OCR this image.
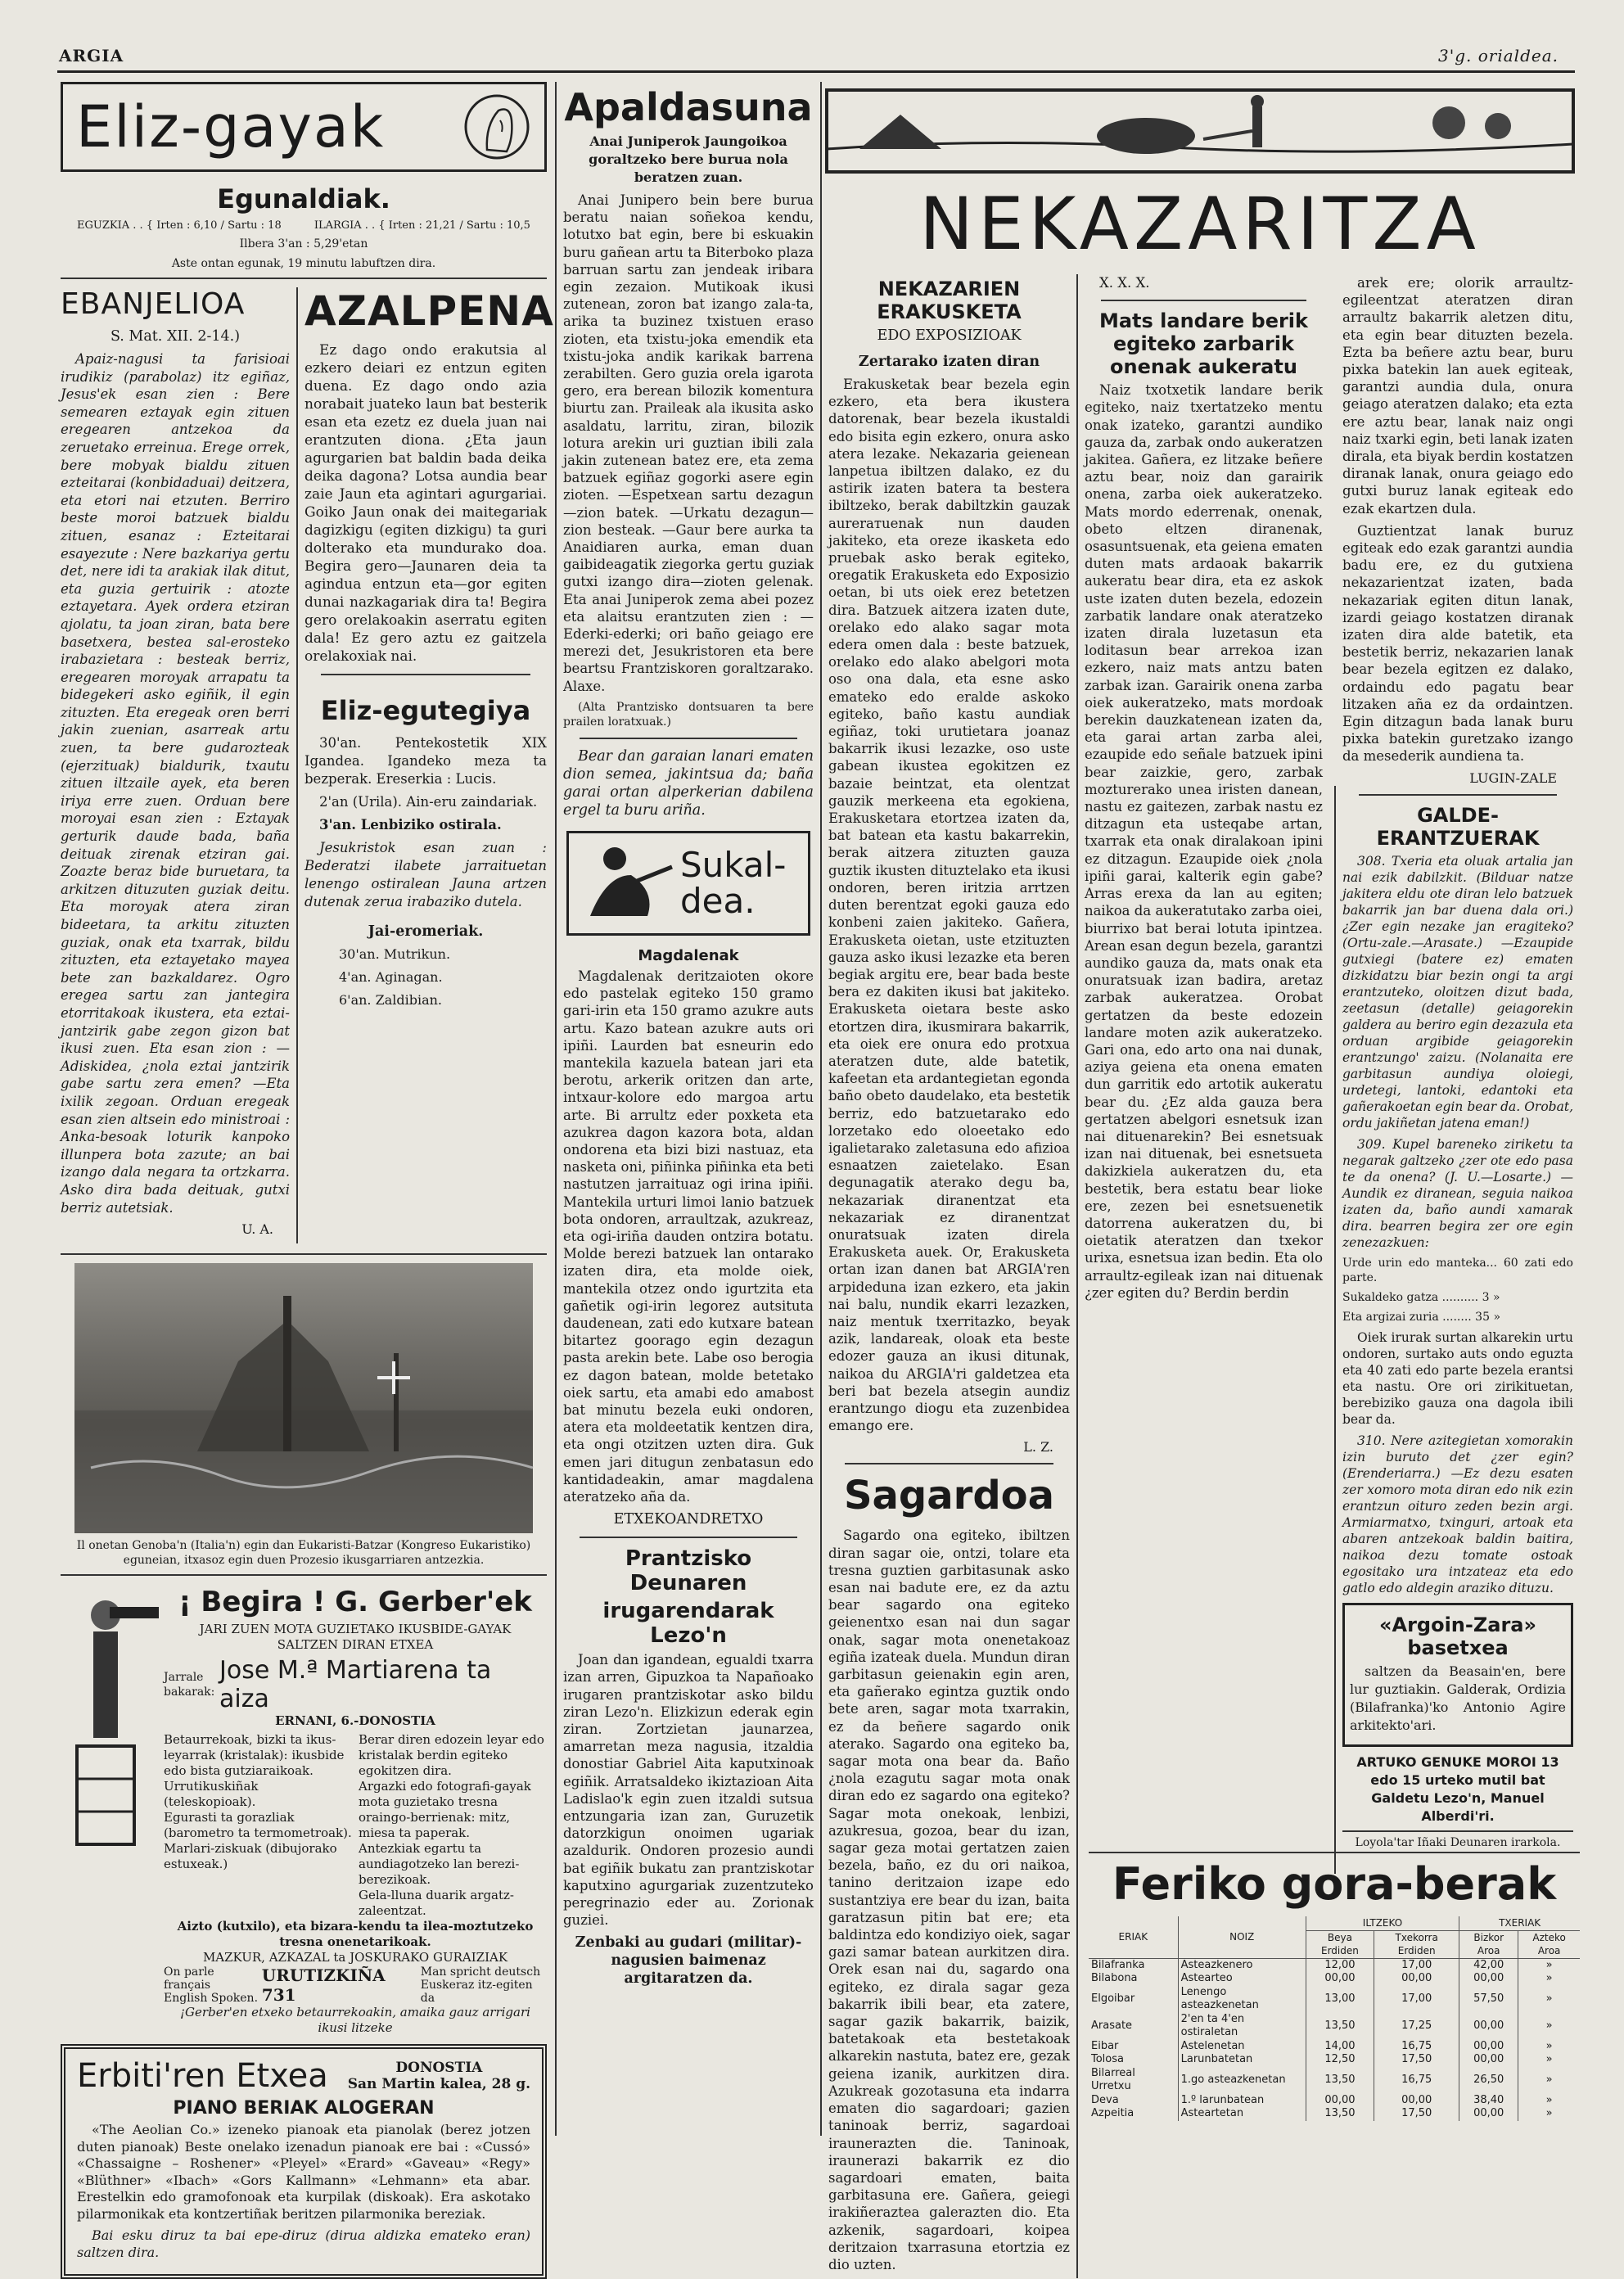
ARGIA	3'g. orialdea.
Eliz-gayak
Egunaldiak.
EGUZKIA . . { Irten : 6,10 / Sartu : 18	ILARGIA . . { Irten : 21,21 / Sartu : 10,5
Ilbera 3'an : 5,29'etan
Aste ontan egunak, 19 minutu labuftzen dira.
EBANJELIOA
S. Mat. XII. 2-14.)
Apaiz-nagusi ta farisioai irudikiz (parabolaz) itz egiñaz, Jesus'ek esan zien : Bere semearen eztayak egin zituen eregearen antzekoa da zeruetako erreinua. Erege orrek, bere mobyak bialdu zituen ezteitarai (konbidaduai) deitzera, eta etori nai etzuten. Berriro beste moroi batzuek bialdu zituen, esanaz : Ezteitarai esayezute : Nere bazkariya gertu det, nere idi ta arakiak ilak ditut, eta guzia gertuirik : atozte eztayetara. Ayek ordera etziran ajolatu, ta joan ziran, bata bere basetxera, bestea sal-erosteko irabazietara : besteak berriz, eregearen moroyak arrapatu ta bidegekeri asko egiñik, il egin zituzten. Eta eregeak oren berri jakin zuenian, asarreak artu zuen, ta bere gudarozteak (ejerzituak) bialdurik, txautu zituen iltzaile ayek, eta beren iriya erre zuen. Orduan bere moroyai esan zien : Eztayak gerturik daude bada, baña deituak zirenak etziran gai. Zoazte beraz bide buruetara, ta arkitzen dituzuten guziak deitu. Eta moroyak atera ziran bideetara, ta arkitu zituzten guziak, onak eta txarrak, bildu zituzten, eta eztayetako mayea bete zan bazkaldarez. Ogro eregea sartu zan jantegira etorritakoak ikustera, eta eztai-jantzirik gabe zegon gizon bat ikusi zuen. Eta esan zion : —Adiskidea, ¿nola eztai jantzirik gabe sartu zera emen? —Eta ixilik zegoan. Orduan eregeak esan zien altsein edo ministroai : Anka-besoak loturik kanpoko illunpera bota zazute; an bai izango dala negara ta ortzkarra. Asko dira bada deituak, gutxi berriz autetsiak.
U. A.
AZALPENA
Ez dago ondo erakutsia al ezkero deiari ez entzun egiten duena. Ez dago ondo azia norabait juateko laun bat besterik esan eta ezetz ez duela juan nai erantzuten diona. ¿Eta jaun agurgarien bat baldin bada deika deika dagona? Lotsa aundia bear zaie Jaun eta agintari agurgariai. Goiko Jaun onak dei maitegariak dagizkigu (egiten dizkigu) ta guri dolterako eta mundurako doa. Begira gero—Jaunaren deia ta agindua entzun eta—gor egiten dunai nazkagariak dira ta! Begira gero orelakoakin aserratu egiten dala! Ez gero aztu ez gaitzela orelakoxiak nai.
Eliz-egutegiya
30'an. Pentekostetik XIX Igandea. Igandeko meza ta bezperak. Ereserkia : Lucis.
2'an (Urila). Ain-eru zaindariak.
3'an. Lenbiziko ostirala.
Jesukristok esan zuan : Bederatzi ilabete jarraituetan lenengo ostiralean Jauna artzen dutenak zerua irabaziko dutela.
Jai-eromeriak.
30'an. Mutrikun.
4'an. Aginagan.
6'an. Zaldibian.
Il onetan Genoba'n (Italia'n) egin dan Eukaristi-Batzar (Kongreso Eukaristiko) eguneian, itxasoz egin duen Prozesio ikusgarriaren antzezkia.
¡ Begira ! G. Gerber'ek
JARI ZUEN MOTA GUZIETAKO IKUSBIDE-GAYAK
SALTZEN DIRAN ETXEA
Jarrale bakarak:
Jose M.ª Martiarena ta aiza
ERNANI, 6.-DONOSTIA

Betaurrekoak, bizki ta ikus-leyarrak (kristalak): ikusbide edo bista gutziaraikoak.

Urrutikuskiñak (teleskopioak).

Egurasti ta gorazliak (barometro ta termometroak).

Marlari-ziskuak (dibujorako estuxeak.)

Berar diren edozein leyar edo kristalak berdin egiteko egokitzen dira.

Argazki edo fotografi-gayak mota guzietako tresna oraingo-berrienak: mitz, miesa ta paperak.

Antezkiak egartu ta aundiagotzeko lan berezi-berezikoak.

Gela-lluna duarik argatz-zaleentzat.

Aizto (kutxilo), eta bizara-kendu ta ilea-moztutzeko tresna onenetarikoak.

MAZKUR, AZKAZAL ta JOSKURAKO GURAIZIAK

On parle français
English Spoken.
URUTIZKIÑA 731
Man spricht deutsch
Euskeraz itz-egiten da

¡Gerber'en etxeko betaurrekoakin, amaika gauz arrigari ikusi litzeke

Erbiti'ren Etxea	DONOSTIA
San Martin kalea, 28 g.
PIANO BERIAK ALOGERAN
«The Aeolian Co.» izeneko pianoak eta pianolak (berez jotzen duten pianoak) Beste onelako izenadun pianoak ere bai : «Cussó» «Chassaigne – Roshener» «Pleyel» «Erard» «Gaveau» «Regy» «Blüthner» «Ibach» «Gors Kallmann» «Lehmann» eta abar. Erestelkin edo gramofonoak eta kurpilak (diskoak). Era askotako pilarmonikak eta kontzertiñak beritzen pilarmonika bereziak.
Bai esku diruz ta bai epe-diruz (dirua aldizka emateko eran) saltzen dira.
Apaldasuna
Anai Juniperok Jaungoikoa goraltzeko bere burua nola beratzen zuan.
Anai Junipero bein bere burua beratu naian soñekoa kendu, lotutxo bat egin, bere bi eskuakin buru gañean artu ta Biterboko plaza barruan sartu zan jendeak iribara egin zezaion. Mutikoak ikusi zutenean, zoron bat izango zala-ta, arika ta buzinez txistuen eraso zioten, eta txistu-joka emendik eta txistu-joka andik karikak barrena zerabilten. Gero guzia orela igarota gero, era berean bilozik komentura biurtu zan. Praileak ala ikusita asko asaldatu, larritu, ziran, bilozik lotura arekin uri guztian ibili zala jakin zutenean batez ere, eta zema batzuek egiñaz gogorki asere egin zioten. —Espetxean sartu dezagun—zion batek. —Urkatu dezagun—zion besteak. —Gaur bere aurka ta Anaidiaren aurka, eman duan gaibideagatik ziegorka gertu guziak gutxi izango dira—zioten gelenak. Eta anai Juniperok zema abei pozez eta alaitsu erantzuten zien : —Ederki-ederki; ori baño geiago ere merezi det, Jesukristoren eta bere beartsu Frantziskoren goraltzarako. Alaxe.
(Alta Prantzisko dontsuaren ta bere prailen loratxuak.)
Bear dan garaian lanari ematen dion semea, jakintsua da; baña garai ortan alperkerian dabilena ergel ta buru ariña.
Sukal-dea.
Magdalenak
Magdalenak deritzaioten okore edo pastelak egiteko 150 gramo gari-irin eta 150 gramo azukre auts artu. Kazo batean azukre auts ori ipiñi. Laurden bat esneurin edo mantekila kazuela batean jari eta berotu, arkerik oritzen dan arte, intxaur-kolore edo margoa artu arte. Bi arrultz eder poxketa eta azukrea dagon kazora bota, aldan ondorena eta bizi bizi nastuaz, eta nasketa oni, piñinka piñinka eta beti nastutzen jarraituaz ogi irina ipiñi. Mantekila urturi limoi lanio batzuek bota ondoren, arraultzak, azukreaz, eta ogi-iriña dauden ontzira botatu. Molde berezi batzuek lan ontarako izaten dira, eta molde oiek, mantekila otzez ondo igurtzita eta gañetik ogi-irin legorez autsituta daudenean, zati edo kutxare batean bitartez goorago egin dezagun pasta arekin bete. Labe oso berogia ez dagon batean, molde betetako oiek sartu, eta amabi edo amabost bat minutu bezela euki ondoren, atera eta moldeetatik kentzen dira, eta ongi otzitzen uzten dira. Guk emen jari ditugun zenbatasun edo kantidadeakin, amar magdalena ateratzeko aña da.
ETXEKOANDRETXO
Prantzisko Deunaren
irugarendarak Lezo'n
Joan dan igandean, egualdi txarra izan arren, Gipuzkoa ta Napañoako irugaren prantziskotar asko bildu ziran Lezo'n. Elizkizun ederak egin ziran. Zortzietan jaunarzea, amarretan meza nagusia, itzaldia donostiar Gabriel Aita kaputxinoak egiñik. Arratsaldeko ikiztazioan Aita Ladislao'k egin zuen itzaldi sutsua entzungaria izan zan, Guruzetik datorzkigun onoimen ugariak azaldurik. Ondoren prozesio aundi bat egiñik bukatu zan prantziskotar kaputxino agurgariak zuzentzuteko peregrinazio eder au. Zorionak guziei.
Zenbaki au gudari (militar)-nagusien baimenaz argitaratzen da.
NEKAZARITZA
NEKAZARIEN ERAKUSKETA
EDO EXPOSIZIOAK
Zertarako izaten diran
Erakusketak bear bezela egin ezkero, eta bera ikustera datorenak, bear bezela ikustaldi edo bisita egin ezkero, onura asko atera lezake. Nekazaria geienean lanpetua ibiltzen dalako, ez du astirik izaten batera ta bestera ibiltzeko, berak dabiltzkin gauzak aurerатuenak nun dauden jakiteko, eta oreze ikasketa edo pruebak asko berak egiteko, oregatik Erakusketa edo Exposizio oetan, bi uts oiek erez betetzen dira. Batzuek aitzera izaten dute, orelako edo alako sagar mota edera omen dala : beste batzuek, orelako edo alako abelgori mota oso ona dala, eta esne asko emateko edo eralde askoko egiteko, baño kastu aundiak egiñaz, toki urutietara joanaz bakarrik ikusi lezazke, oso uste gabean ikustea egokitzen ez bazaie beintzat, eta olentzat gauzik merkeena eta egokiena, Erakusketara etortzea izaten da, bat batean eta kastu bakarrekin, berak aitzera zituzten gauza guztik ikusten dituztelako eta ikusi ondoren, beren iritzia arrtzen duten berentzat egoki gauza edo konbeni zaien jakiteko. Gañera, Erakusketa oietan, uste etzituzten gauza asko ikusi lezazke eta beren begiak argitu ere, bear bada beste bera ez dakiten ikusi bat jakiteko. Erakusketa oietara beste asko etortzen dira, ikusmirara bakarrik, eta oiek ere onura edo protxua ateratzen dute, alde batetik, kafeetan eta ardantegietan egonda baño obeto daudelako, eta bestetik berriz, edo batzuetarako edo lorzetako edo oloeetako edo igalietarako zaletasuna edo afizioa esnaatzen zaietelako. Esan degunagatik aterako degu ba, nekazariak diranentzat eta nekazariak ez diranentzat onuratsuak izaten direla Erakusketa auek. Or, Erakusketa ortan izan danen bat ARGIA'ren arpideduna izan ezkero, eta jakin nai balu, nundik ekarri lezazken, naiz mentuk txerritazko, beyak azik, landareak, oloak eta beste edozer gauza an ikusi ditunak, naikoa du ARGIA'ri galdetzea eta beri bat bezela atsegin aundiz erantzungo diogu eta zuzenbidea emango ere.
L. Z.
Sagardoa
Sagardo ona egiteko, ibiltzen diran sagar oie, ontzi, tolare eta tresna guztien garbitasunak asko esan nai badute ere, ez da aztu bear sagardo ona egiteko geienentxo esan nai dun sagar onak, sagar mota onenetakoaz egiña izateak duela. Mundun diran garbitasun geienakin egin aren, eta gañerako egintza guztik ondo bete aren, sagar mota txarrakin, ez da beñere sagardo onik aterako. Sagardo ona egiteko ba, sagar mota ona bear da. Baño ¿nola ezagutu sagar mota onak diran edo ez sagardo ona egiteko? Sagar mota onekoak, lenbizi, azukresua, gozoa, bear du izan, sagar geza motai gertatzen zaien bezela, baño, ez du ori naikoa, tanino deritzaion izape edo sustantziya ere bear du izan, baita garatzasun pitin bat ere; eta baldintza edo kondiziyo oiek, sagar gazi samar batean aurkitzen dira. Orek esan nai du, sagardo ona egiteko, ez dirala sagar geza bakarrik ibili bear, eta zatere, sagar gazik bakarrik, baizik, batetakoak eta bestetakoak alkarekin nastuta, batez ere, gezak geiena izanik, aurkitzen dira. Azukreak gozotasuna eta indarra ematen dio sagardoari; gazien taninoak berriz, sagardoai iraunerazten die. Taninoak, iraunerazi bakarrik ez dio sagardoari ematen, baita garbitasuna ere. Gañera, geiegi irakiñeraztea galerazten dio. Eta azkenik, sagardoari, koipea deritzaion txarrasuna etortzia ez dio uzten.
X. X. X.
Mats landare berik egiteko zarbarik onenak aukeratu
Naiz txotxetik landare berik egiteko, naiz txertatzeko mentu onak izateko, garantzi aundiko gauza da, zarbak ondo aukeratzen jakitea. Gañera, ez litzake beñere aztu bear, noiz dan garairik onena, zarba oiek aukeratzeko. Mats mordo ederrenak, onenak, obeto eltzen diranenak, osasuntsuenak, eta geiena ematen duten mats ardaoak bakarrik aukeratu bear dira, eta ez askok uste izaten duten bezela, edozein zarbatik landare onak ateratzeko izaten dirala luzetasun eta loditasun bear arrekoa izan ezkero, naiz mats antzu baten zarbak izan. Garairik onena zarba oiek aukeratzeko, mats mordoak berekin dauzkatenean izaten da, eta garai artan zarba alei, ezaupide edo señale batzuek ipini bear zaizkie, gero, zarbak mozturerako unea iristen danean, nastu ez gaitezen, zarbak nastu ez ditzagun eta usteqabe artan, txarrak eta onak diralakoan ipini ez ditzagun. Ezaupide oiek ¿nola ipiñi garai, kalterik egin gabe? Arras erexa da lan au egiten; naikoa da aukeratutako zarba oiei, biurrixo bat berai lotuta ipintzea. Arean esan degun bezela, garantzi aundiko gauza da, mats onak eta onuratsuak izan badira, aretaz zarbak aukeratzea. Orobat gertatzen da beste edozein landare moten azik aukeratzeko. Gari ona, edo arto ona nai dunak, aziya geiena eta onena ematen dun garritik edo artotik aukeratu bear du. ¿Ez alda gauza bera gertatzen abelgori esnetsuk izan nai dituenarekin? Bei esnetsuak izan nai dituenak, bei esnetsueta dakizkiela aukeratzen du, eta bestetik, bera estatu bear lioke ere, zezen bei esnetsuenetik datorrena aukeratzen du, bi oietatik ateratzen dan txekor urixa, esnetsua izan bedin. Eta olo arraultz-egileak izan nai dituenak ¿zer egiten du? Berdin berdin
arek ere; olorik arraultz-egileentzat ateratzen diran arraultz bakarrik aletzen ditu, eta egin bear dituzten bezela. Ezta ba beñere aztu bear, buru pixka batekin lan auek egiteak, garantzi aundia dula, onura geiago ateratzen dalako; eta ezta ere aztu bear, lanak naiz ongi naiz txarki egin, beti lanak izaten dirala, eta biyak berdin kostatzen diranak lanak, onura geiago edo gutxi buruz lanak egiteak edo ezak ekartzen dula.
Guztientzat lanak buruz egiteak edo ezak garantzi aundia badu ere, ez du gutxiena nekazarientzat izaten, bada nekazariak egiten ditun lanak, izardi geiago kostatzen diranak izaten dira alde batetik, eta bestetik berriz, nekazarien lanak bear bezela egitzen ez dalako, ordaindu edo pagatu bear litzaken aña ez da ordaintzen. Egin ditzagun bada lanak buru pixka batekin guretzako izango da mesederik aundiena ta.
LUGIN-ZALE
GALDE-ERANTZUERAK
308. Txeria eta oluak artalia jan nai ezik dabilzkit. (Bilduar natze jakitera eldu ote diran lelo batzuek bakarrik jan bar duena dala ori.) ¿Zer egin nezake jan eragiteko? (Ortu-zale.—Arasate.) —Ezaupide gutxiegi (batere ez) ematen dizkidatzu biar bezin ongi ta argi erantzuteko, oloitzen dizut bada, zeetasun (detalle) geiagorekin galdera au beriro egin dezazula eta orduan argibide geiagorekin erantzungo' zaizu. (Nolanaita ere garbitasun aundiya oloiegi, urdetegi, lantoki, edantoki eta gañerakoetan egin bear da. Orobat, ordu jakiñetan jatena eman!)
309. Kupel bareneko ziriketu ta negarak galtzeko ¿zer ote edo pasa te da onena? (J. U.—Losarte.) —Aundik ez diranean, seguia naikoa izaten da, baño aundi xamarak dira. bearren begira zer ore egin zenezazkuen:
Urde urin edo manteka... 60 zati edo parte.
Sukaldeko gatza .......... 3 »
Eta argizai zuria ........ 35 »
Oiek irurak surtan alkarekin urtu ondoren, surtako auts ondo eguzta eta 40 zati edo parte bezela erantsi eta nastu. Ore ori zirikituetan, berebiziko gauza ona dagola ibili bear da.
310. Nere azitegietan xomorakin izin buruto det ¿zer egin? (Erenderiarra.) —Ez dezu esaten zer xomoro mota diran edo nik ezin erantzun oituro zeden bezin argi. Armiarmatxo, txinguri, artoak eta abaren antzekoak baldin baitira, naikoa dezu tomate ostoak egositako ura intzateaz eta edo gatlo edo aldegin araziko dituzu.
«Argoin-Zara» basetxea
saltzen da Beasain'en, bere lur guztiakin. Galderak, Ordizia (Bilafranka)'ko Antonio Agire arkitekto'ari.
ARTUKO GENUKE MOROI 13 edo 15 urteko mutil bat Galdetu Lezo'n, Manuel Alberdi'ri.
Loyola'tar Iñaki Deunaren irarkola.
Feriko gora-berak
ERIAK	NOIZ	ILTZEKO		TXERIAK	
		Beya Erdiden	Txekorra Erdiden	Bizkor Aroa	Azteko Aroa
Bilafranka	Asteazkenero	12,00	17,00	42,00	»
Bilabona	Astearteo	00,00	00,00	00,00	»
Elgoibar	Lenengo asteazkenetan	13,00	17,00	57,50	»
Arasate	2'en ta 4'en ostiraletan	13,50	17,25	00,00	»
Eibar	Astelenetan	14,00	16,75	00,00	»
Tolosa	Larunbatetan	12,50	17,50	00,00	»
Bilarreal Urretxu	1.go asteazkenetan	13,50	16,75	26,50	»
Deva	1.º larunbatean	00,00	00,00	38,40	»
Azpeitia	Asteartetan	13,50	17,50	00,00	»
